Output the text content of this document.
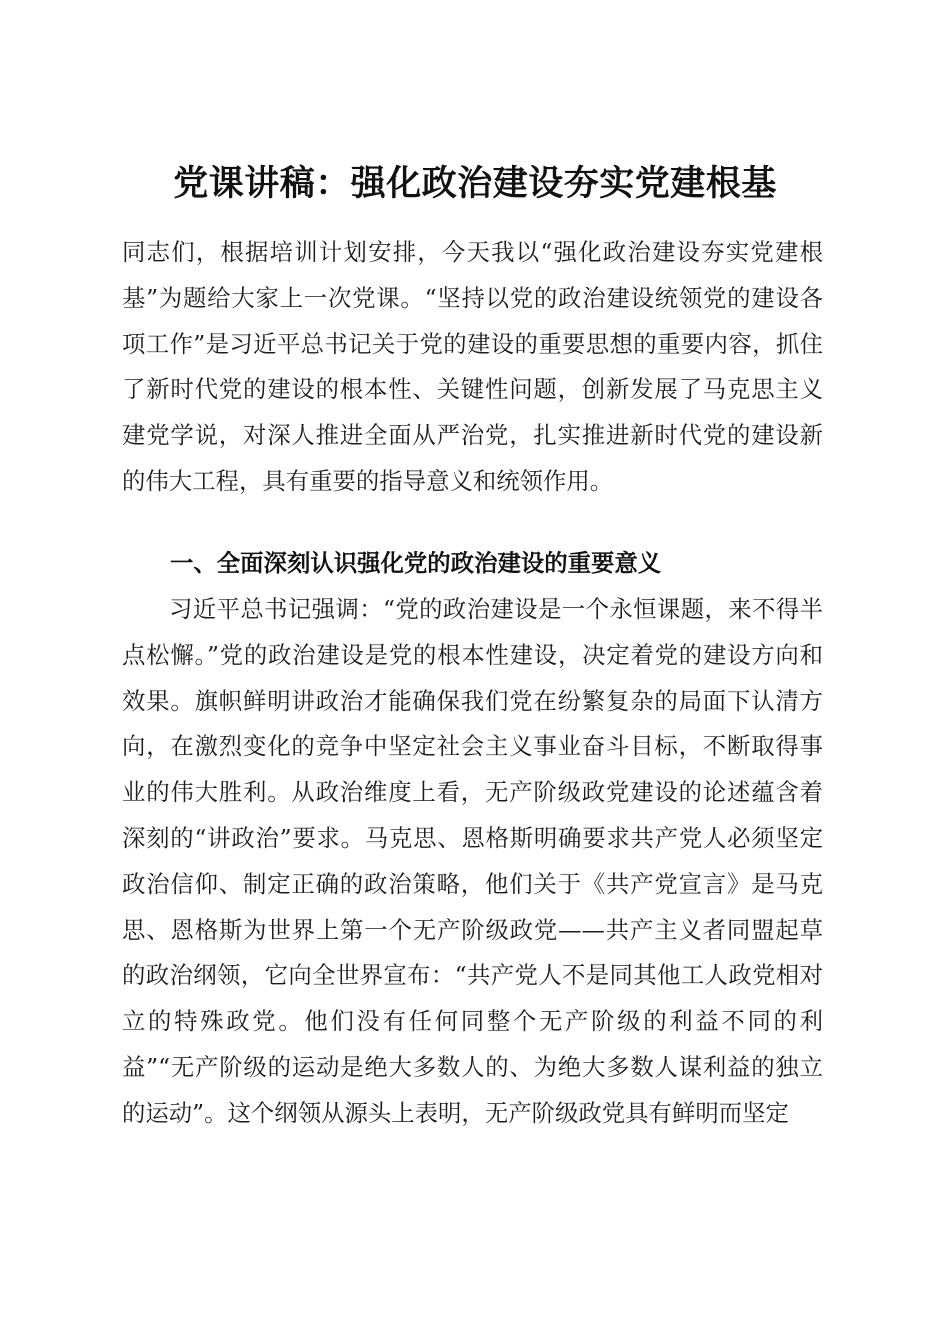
党课讲稿：强化政治建设夯实党建根基

同志们，根据培训计划安排，今天我以“强化政治建设夯实党建根基”为题给大家上一次党课。“坚持以党的政治建设统领党的建设各项工作”是习近平总书记关于党的建设的重要思想的重要内容，抓住了新时代党的建设的根本性、关键性问题，创新发展了马克思主义建党学说，对深人推进全面从严治党，扎实推进新时代党的建设新的伟大工程，具有重要的指导意义和统领作用。

一、全面深刻认识强化党的政治建设的重要意义

习近平总书记强调：“党的政治建设是一个永恒课题，来不得半点松懈。”党的政治建设是党的根本性建设，决定着党的建设方向和效果。旗帜鲜明讲政治才能确保我们党在纷繁复杂的局面下认清方向，在激烈变化的竞争中坚定社会主义事业奋斗目标，不断取得事业的伟大胜利。从政治维度上看，无产阶级政党建设的论述蕴含着深刻的“讲政治”要求。马克思、恩格斯明确要求共产党人必须坚定政治信仰、制定正确的政治策略，他们关于《共产党宣言》是马克思、恩格斯为世界上第一个无产阶级政党——共产主义者同盟起草的政治纲领，它向全世界宣布：“共产党人不是同其他工人政党相对立的特殊政党。他们没有任何同整个无产阶级的利益不同的利益”“无产阶级的运动是绝大多数人的、为绝大多数人谋利益的独立的运动”。这个纲领从源头上表明，无产阶级政党具有鲜明而坚定
